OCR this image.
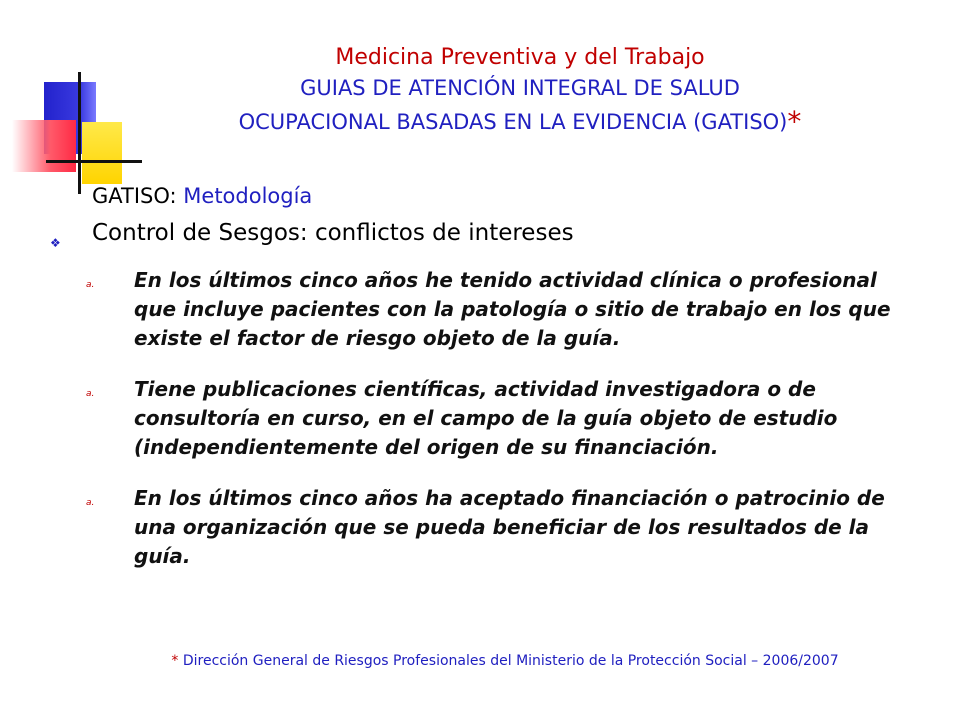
Medicina Preventiva y del Trabajo
GUIAS DE ATENCIÓN INTEGRAL DE SALUD
OCUPACIONAL BASADAS EN LA EVIDENCIA (GATISO)*
GATISO: Metodología
❖ Control de Sesgos: conflictos de intereses
a.	En los últimos cinco años he tenido actividad clínica o profesional que incluye pacientes con la patología o sitio de trabajo en los que existe el factor de riesgo objeto de la guía.
a.	Tiene publicaciones científicas, actividad investigadora o de consultoría en curso, en el campo de la guía objeto de estudio (independientemente del origen de su financiación.
a.	En los últimos cinco años ha aceptado financiación o patrocinio de una organización que se pueda beneficiar de los resultados de la guía.
* Dirección General de Riesgos Profesionales del Ministerio de la Protección Social – 2006/2007
